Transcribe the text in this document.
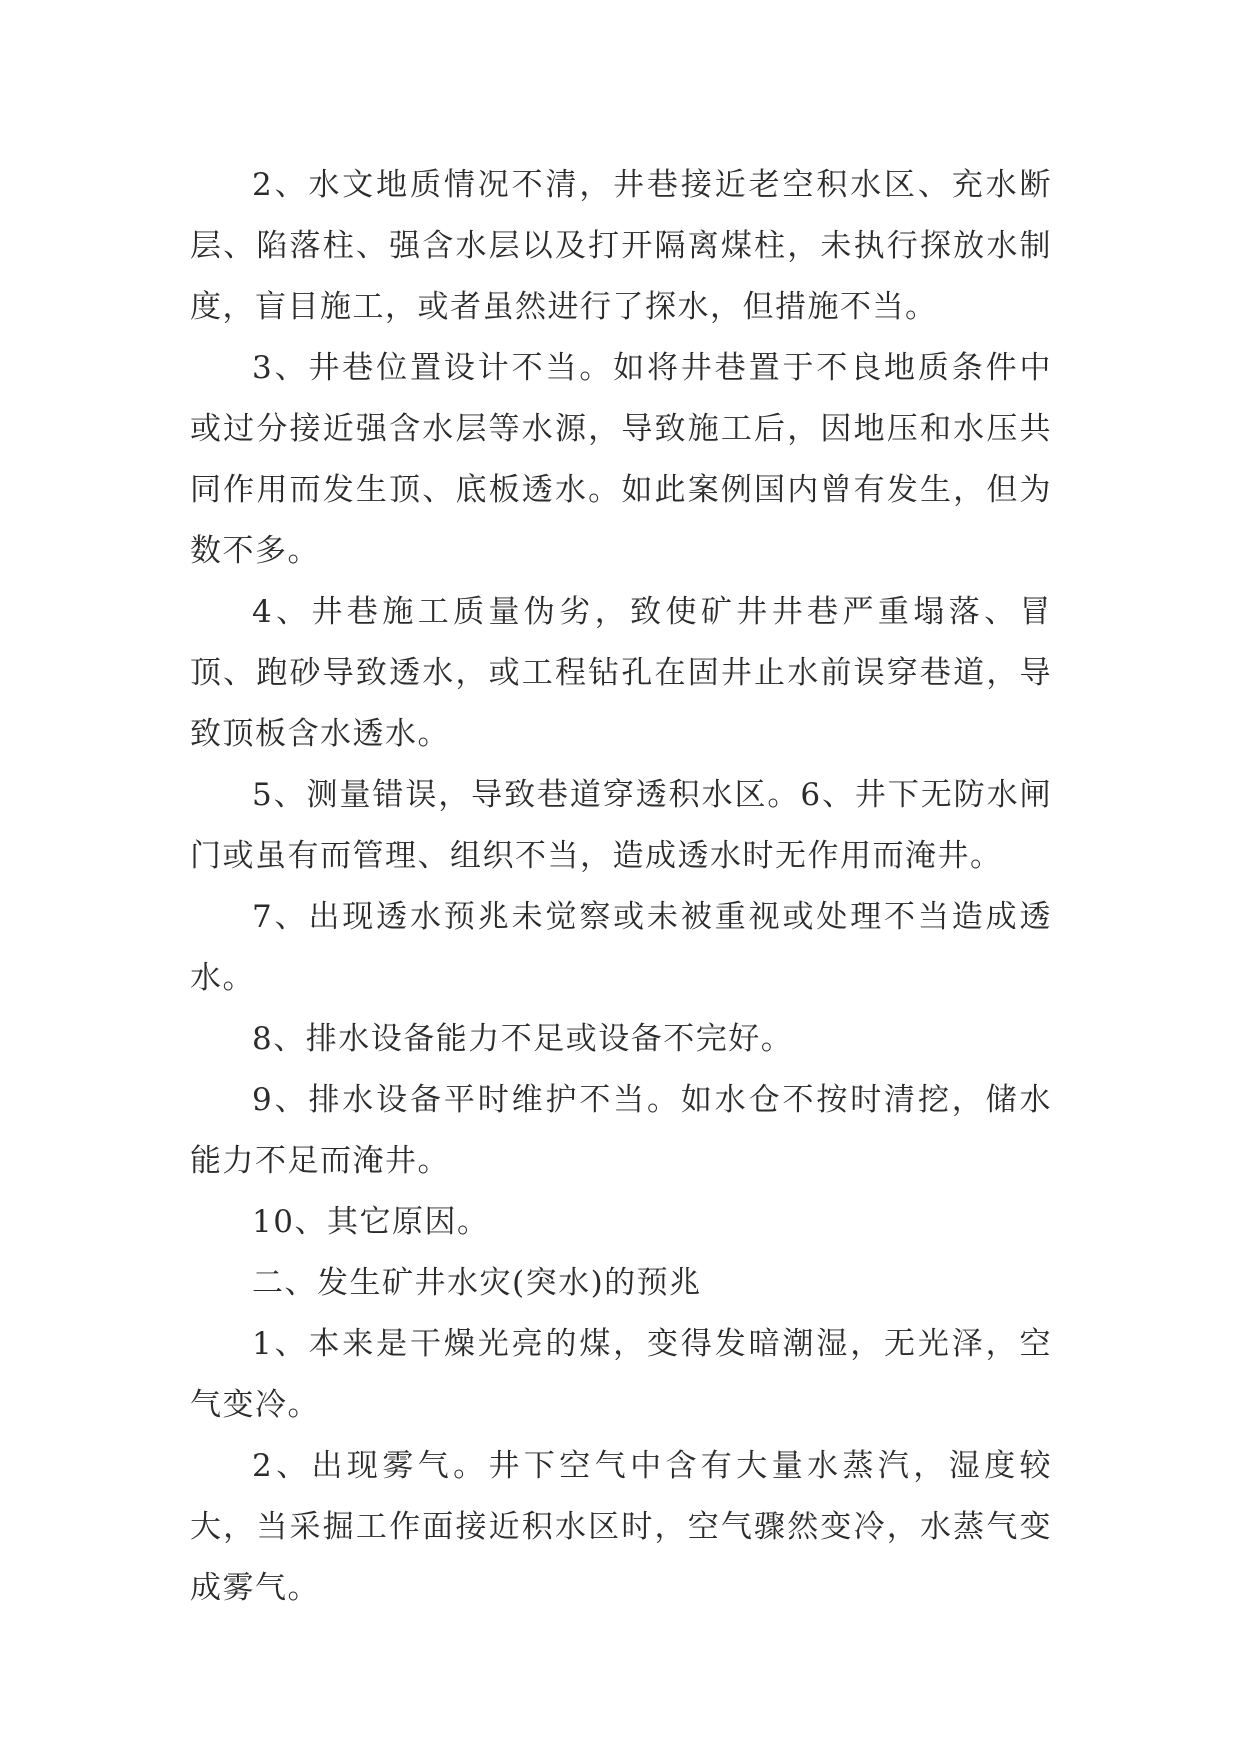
2、水文地质情况不清，井巷接近老空积水区、充水断层、陷落柱、强含水层以及打开隔离煤柱，未执行探放水制度，盲目施工，或者虽然进行了探水，但措施不当。

3、井巷位置设计不当。如将井巷置于不良地质条件中或过分接近强含水层等水源，导致施工后，因地压和水压共同作用而发生顶、底板透水。如此案例国内曾有发生，但为数不多。

4、井巷施工质量伪劣，致使矿井井巷严重塌落、冒顶、跑砂导致透水，或工程钻孔在固井止水前误穿巷道，导致顶板含水透水。

5、测量错误，导致巷道穿透积水区。6、井下无防水闸门或虽有而管理、组织不当，造成透水时无作用而淹井。

7、出现透水预兆未觉察或未被重视或处理不当造成透水。

8、排水设备能力不足或设备不完好。

9、排水设备平时维护不当。如水仓不按时清挖，储水能力不足而淹井。

10、其它原因。

二、发生矿井水灾(突水)的预兆

1、本来是干燥光亮的煤，变得发暗潮湿，无光泽，空气变冷。

2、出现雾气。井下空气中含有大量水蒸汽，湿度较大，当采掘工作面接近积水区时，空气骤然变冷，水蒸气变成雾气。
